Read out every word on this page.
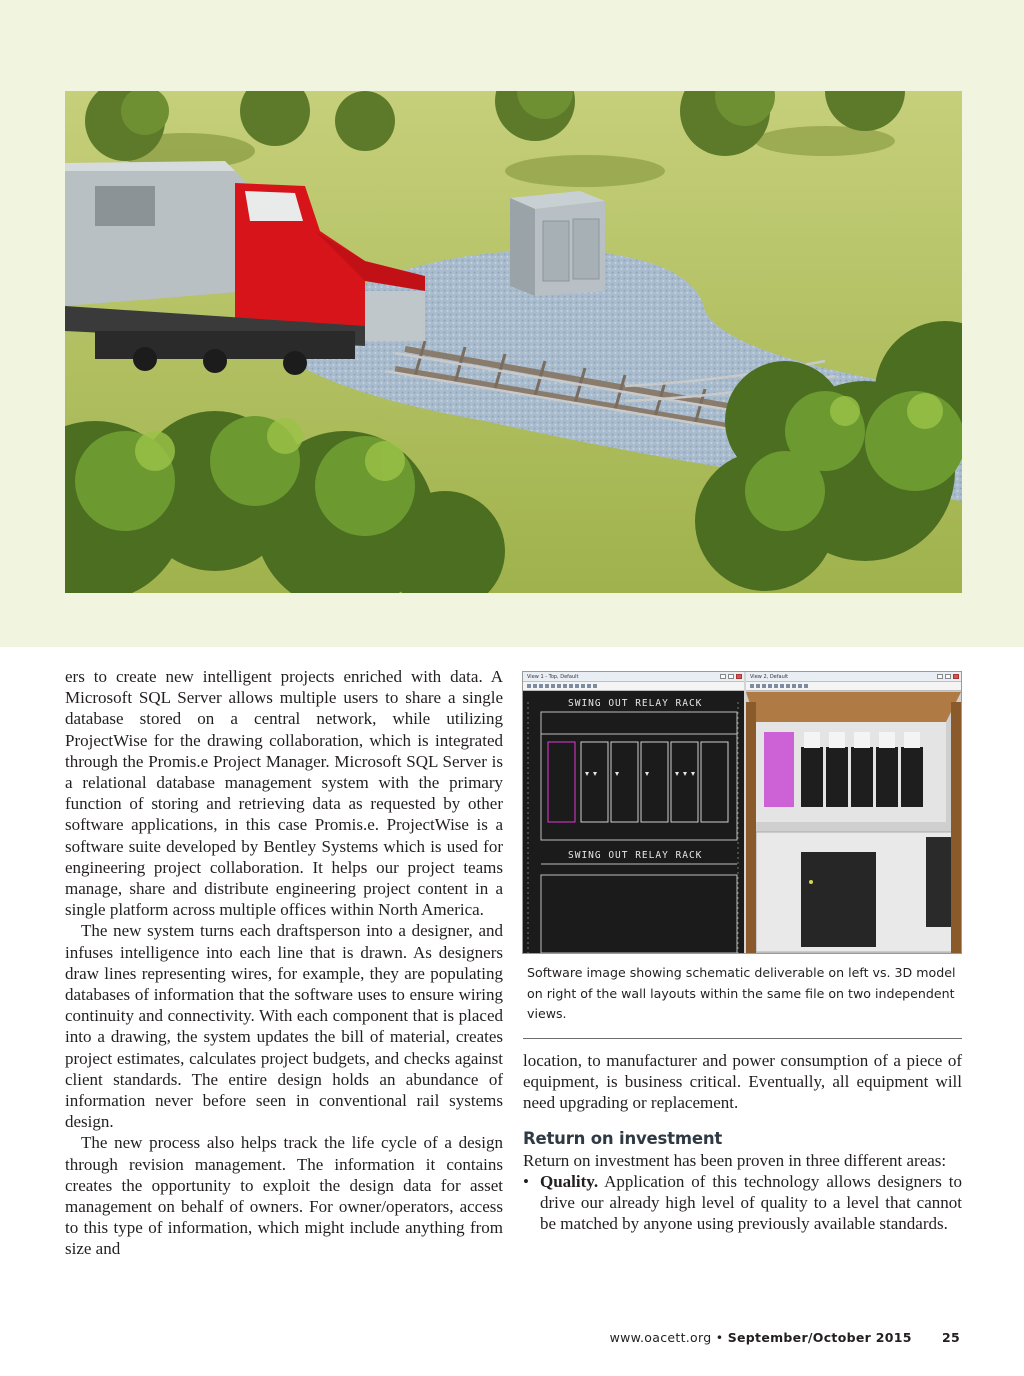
ers to create new intelligent projects enriched with data. A Microsoft SQL Server allows multiple users to share a single database stored on a central network, while utilizing ProjectWise for the drawing collaboration, which is integrated through the Promis.e Project Manager. Microsoft SQL Server is a relational database management system with the primary function of storing and retrieving data as requested by other software applications, in this case Promis.e. ProjectWise is a software suite developed by Bentley Systems which is used for engineering project collaboration. It helps our project teams manage, share and distribute engineering project content in a single platform across multiple offices within North America.

The new system turns each draftsperson into a designer, and infuses intelligence into each line that is drawn. As designers draw lines representing wires, for example, they are populating databases of information that the software uses to ensure wiring continuity and connectivity. With each component that is placed into a drawing, the system updates the bill of material, creates project estimates, calculates project budgets, and checks against client standards. The entire design holds an abundance of information never before seen in conventional rail systems design.

The new process also helps track the life cycle of a design through revision management. The information it contains creates the opportunity to exploit the design data for asset management on behalf of owners. For owner/operators, access to this type of information, which might include anything from size and

View 1 - Top, Default
SWING OUT RELAY RACK
SWING OUT RELAY RACK
View 2, Default
Software image showing schematic deliverable on left vs. 3D model on right of the wall layouts within the same file on two independent views.

location, to manufacturer and power consumption of a piece of equipment, is business critical. Eventually, all equipment will need upgrading or replacement.

Return on investment

Return on investment has been proven in three different areas:

• Quality. Application of this technology allows designers to drive our already high level of quality to a level that cannot be matched by anyone using previously available standards.

www.oacett.org • September/October 2015 25
